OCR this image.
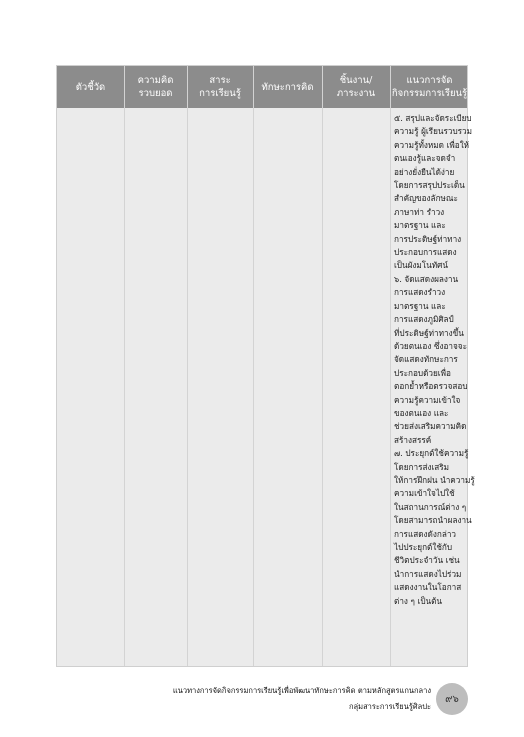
ตัวชี้วัด
ความคิด
รวบยอด
สาระ
การเรียนรู้
ทักษะการคิด
ชิ้นงาน/
ภาระงาน
แนวการจัด
กิจกรรมการเรียนรู้
๕. สรุปและจัดระเบียบ
ความรู้ ผู้เรียนรวบรวม
ความรู้ทั้งหมด เพื่อให้
ตนเองรู้และจดจำ
อย่างยั่งยืนได้ง่าย
โดยการสรุปประเด็น
สำคัญของลักษณะ
ภาษาท่า รำวง
มาตรฐาน และ
การประดิษฐ์ท่าทาง
ประกอบการแสดง
เป็นผังมโนทัศน์
๖. จัดแสดงผลงาน
การแสดงรำวง
มาตรฐาน และ
การแสดงภูมิศิลป์
ที่ประดิษฐ์ท่าทางขึ้น
ด้วยตนเอง ซึ่งอาจจะ
จัดแสดงทักษะการ
ประกอบด้วยเพื่อ
ตอกย้ำหรือตรวจสอบ
ความรู้ความเข้าใจ
ของตนเอง และ
ช่วยส่งเสริมความคิด
สร้างสรรค์
๗. ประยุกต์ใช้ความรู้
โดยการส่งเสริม
ให้การฝึกฝน นำความรู้
ความเข้าใจไปใช้
ในสถานการณ์ต่าง ๆ
โดยสามารถนำผลงาน
การแสดงดังกล่าว
ไปประยุกต์ใช้กับ
ชีวิตประจำวัน เช่น
นำการแสดงไปร่วม
แสดงงานในโอกาส
ต่าง ๆ เป็นต้น
แนวทางการจัดกิจกรรมการเรียนรู้เพื่อพัฒนาทักษะการคิด ตามหลักสูตรแกนกลาง
กลุ่มสาระการเรียนรู้ศิลปะ
๙๖
